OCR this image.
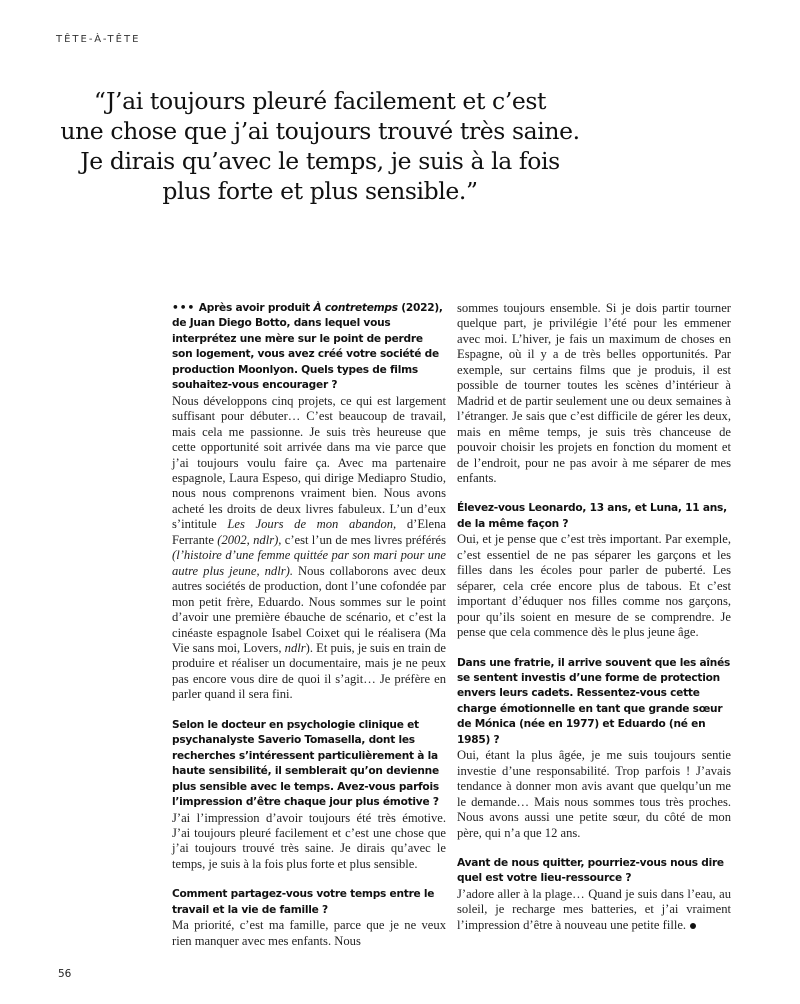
TÊTE-À-TÊTE
“J’ai toujours pleuré facilement et c’est
une chose que j’ai toujours trouvé très saine.
Je dirais qu’avec le temps, je suis à la fois
plus forte et plus sensible.”

••• Après avoir produit À contretemps (2022), de Juan Diego Botto, dans lequel vous interprétez une mère sur le point de perdre son logement, vous avez créé votre société de production Moonlyon. Quels types de films souhaitez-vous encourager ?

Nous développons cinq projets, ce qui est largement suffisant pour débuter… C’est beaucoup de travail, mais cela me passionne. Je suis très heureuse que cette opportunité soit arrivée dans ma vie parce que j’ai toujours voulu faire ça. Avec ma partenaire espagnole, Laura Espeso, qui dirige Mediapro Studio, nous nous comprenons vraiment bien. Nous avons acheté les droits de deux livres fabuleux. L’un d’eux s’intitule Les Jours de mon abandon, d’Elena Ferrante (2002, ndlr), c’est l’un de mes livres préférés (l’histoire d’une femme quittée par son mari pour une autre plus jeune, ndlr). Nous collaborons avec deux autres sociétés de production, dont l’une cofondée par mon petit frère, Eduardo. Nous sommes sur le point d’avoir une première ébauche de scénario, et c’est la cinéaste espagnole Isabel Coixet qui le réalisera (Ma Vie sans moi, Lovers, ndlr). Et puis, je suis en train de produire et réaliser un documentaire, mais je ne peux pas encore vous dire de quoi il s’agit… Je préfère en parler quand il sera fini.

Selon le docteur en psychologie clinique et psychanalyste Saverio Tomasella, dont les recherches s’intéressent particulièrement à la haute sensibilité, il semblerait qu’on devienne plus sensible avec le temps. Avez-vous parfois l’impression d’être chaque jour plus émotive ?

J’ai l’impression d’avoir toujours été très émotive. J’ai toujours pleuré facilement et c’est une chose que j’ai toujours trouvé très saine. Je dirais qu’avec le temps, je suis à la fois plus forte et plus sensible.

Comment partagez-vous votre temps entre le travail et la vie de famille ?

Ma priorité, c’est ma famille, parce que je ne veux rien manquer avec mes enfants. Nous

sommes toujours ensemble. Si je dois partir tourner quelque part, je privilégie l’été pour les emmener avec moi. L’hiver, je fais un maximum de choses en Espagne, où il y a de très belles opportunités. Par exemple, sur certains films que je produis, il est possible de tourner toutes les scènes d’intérieur à Madrid et de partir seulement une ou deux semaines à l’étranger. Je sais que c’est difficile de gérer les deux, mais en même temps, je suis très chanceuse de pouvoir choisir les projets en fonction du moment et de l’endroit, pour ne pas avoir à me séparer de mes enfants.

Élevez-vous Leonardo, 13 ans, et Luna, 11 ans, de la même façon ?

Oui, et je pense que c’est très important. Par exemple, c’est essentiel de ne pas séparer les garçons et les filles dans les écoles pour parler de puberté. Les séparer, cela crée encore plus de tabous. Et c’est important d’éduquer nos filles comme nos garçons, pour qu’ils soient en mesure de se comprendre. Je pense que cela commence dès le plus jeune âge.

Dans une fratrie, il arrive souvent que les aînés se sentent investis d’une forme de protection envers leurs cadets. Ressentez-vous cette charge émotionnelle en tant que grande sœur de Mónica (née en 1977) et Eduardo (né en 1985) ?

Oui, étant la plus âgée, je me suis toujours sentie investie d’une responsabilité. Trop parfois ! J’avais tendance à donner mon avis avant que quelqu’un me le demande… Mais nous sommes tous très proches. Nous avons aussi une petite sœur, du côté de mon père, qui n’a que 12 ans.

Avant de nous quitter, pourriez-vous nous dire quel est votre lieu-ressource ?

J’adore aller à la plage… Quand je suis dans l’eau, au soleil, je recharge mes batteries, et j’ai vraiment l’impression d’être à nouveau une petite fille.

56
